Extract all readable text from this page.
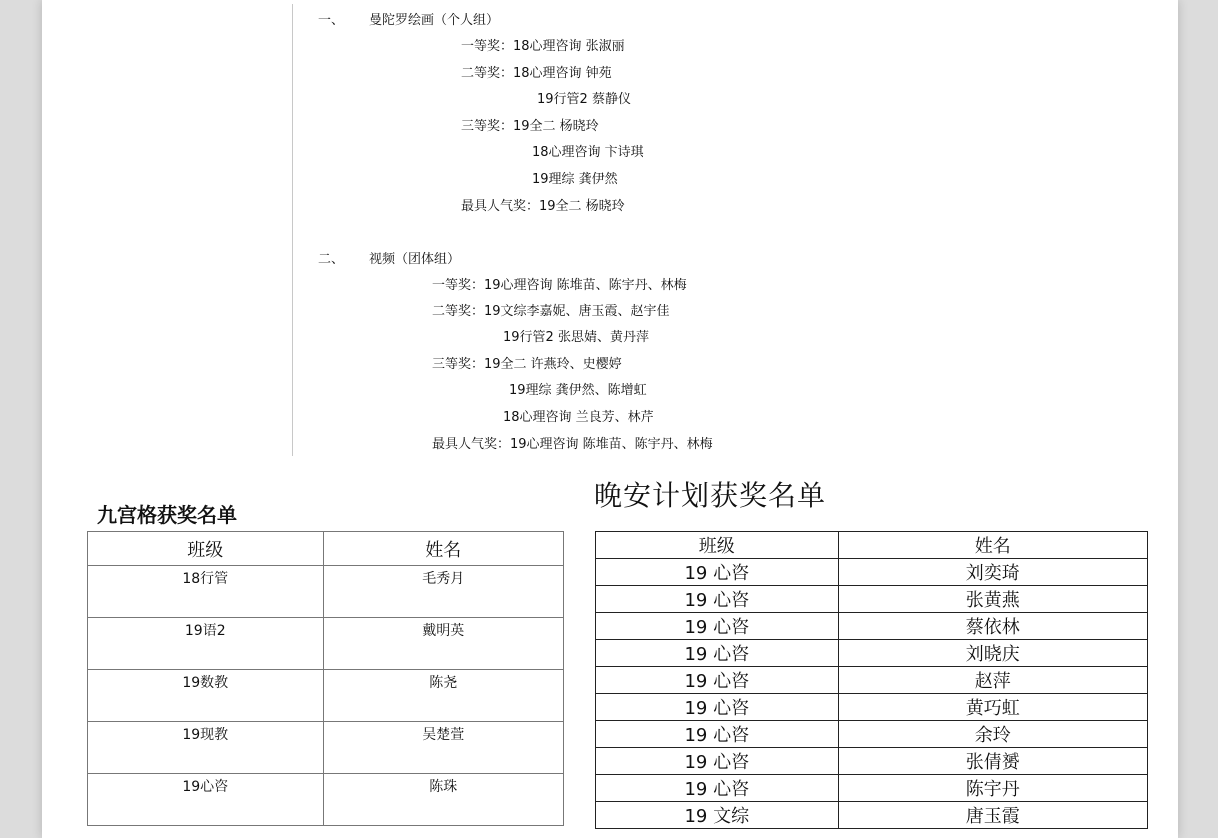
一、 曼陀罗绘画（个人组）
一等奖：18心理咨询 张淑丽
二等奖：18心理咨询 钟苑
19行管2 蔡静仪
三等奖：19全二 杨晓玲
18心理咨询 卞诗琪
19理综 龚伊然
最具人气奖：19全二 杨晓玲
二、 视频（团体组）
一等奖：19心理咨询 陈堆苗、陈宇丹、林梅
二等奖：19文综李嘉妮、唐玉霞、赵宇佳
19行管2 张思婧、黄丹萍
三等奖：19全二 许燕玲、史樱婷
19理综 龚伊然、陈增虹
18心理咨询 兰良芳、林芹
最具人气奖：19心理咨询 陈堆苗、陈宇丹、林梅
九宫格获奖名单
晚安计划获奖名单
班级	姓名
18行管	毛秀月
19语2	戴明英
19数教	陈尧
19现教	吴楚萱
19心咨	陈珠
班级	姓名
19 心咨	刘奕琦
19 心咨	张黄燕
19 心咨	蔡依林
19 心咨	刘晓庆
19 心咨	赵萍
19 心咨	黄巧虹
19 心咨	余玲
19 心咨	张倩赟
19 心咨	陈宇丹
19 文综	唐玉霞
